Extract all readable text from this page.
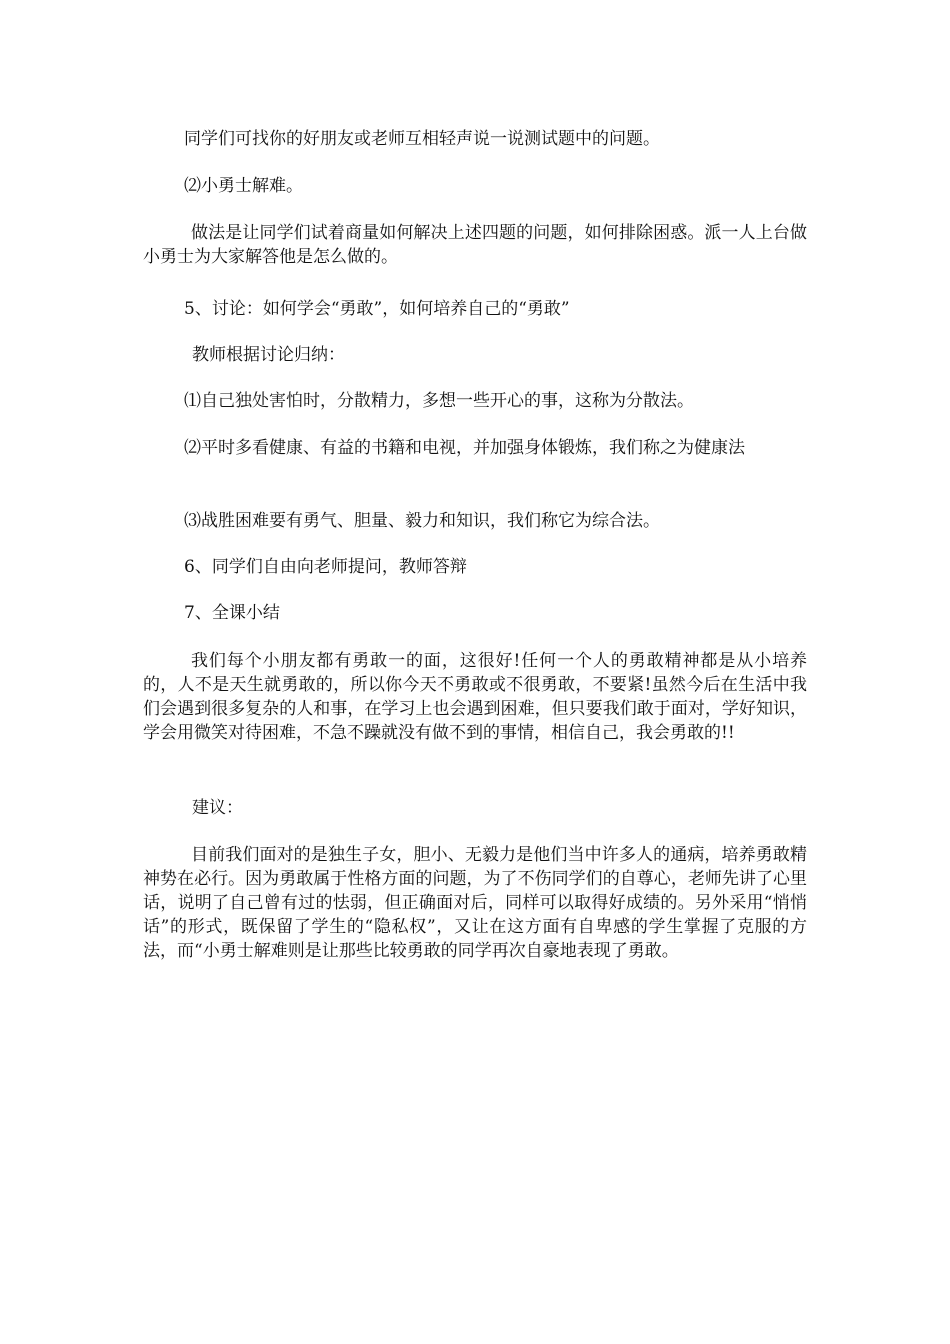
同学们可找你的好朋友或老师互相轻声说一说测试题中的问题。

⑵小勇士解难。

做法是让同学们试着商量如何解决上述四题的问题，如何排除困惑。派一人上台做小勇士为大家解答他是怎么做的。

5、讨论：如何学会“勇敢”，如何培养自己的“勇敢”

教师根据讨论归纳：

⑴自己独处害怕时，分散精力，多想一些开心的事，这称为分散法。

⑵平时多看健康、有益的书籍和电视，并加强身体锻炼，我们称之为健康法

⑶战胜困难要有勇气、胆量、毅力和知识，我们称它为综合法。

6、同学们自由向老师提问，教师答辩

7、全课小结

我们每个小朋友都有勇敢一的面，这很好!任何一个人的勇敢精神都是从小培养的，人不是天生就勇敢的，所以你今天不勇敢或不很勇敢，不要紧!虽然今后在生活中我们会遇到很多复杂的人和事，在学习上也会遇到困难，但只要我们敢于面对，学好知识，学会用微笑对待困难，不急不躁就没有做不到的事情，相信自己，我会勇敢的!!

建议：

目前我们面对的是独生子女，胆小、无毅力是他们当中许多人的通病，培养勇敢精神势在必行。因为勇敢属于性格方面的问题，为了不伤同学们的自尊心，老师先讲了心里话，说明了自己曾有过的怯弱，但正确面对后，同样可以取得好成绩的。另外采用“悄悄话”的形式，既保留了学生的“隐私权”，又让在这方面有自卑感的学生掌握了克服的方法，而“小勇士解难则是让那些比较勇敢的同学再次自豪地表现了勇敢。
